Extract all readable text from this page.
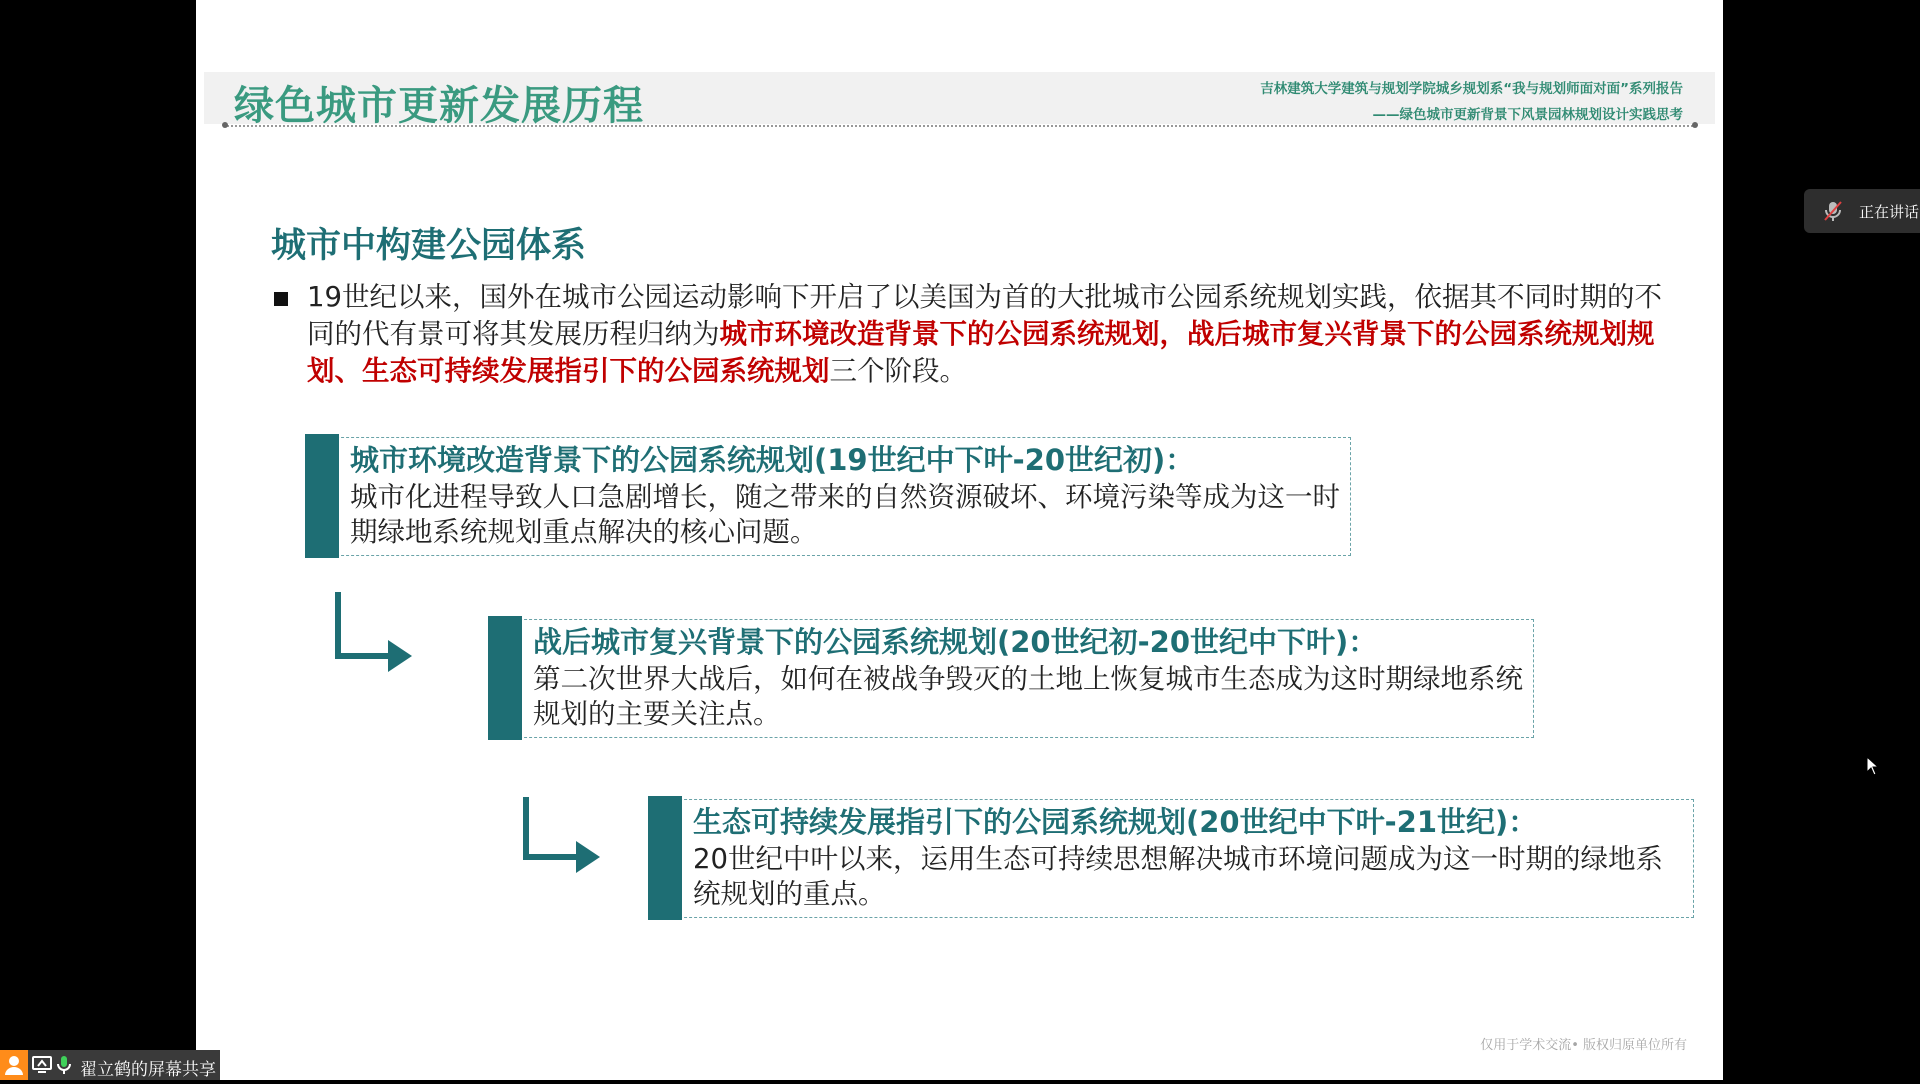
绿色城市更新发展历程	吉林建筑大学建筑与规划学院城乡规划系“我与规划师面对面”系列报告
——绿色城市更新背景下风景园林规划设计实践思考
城市中构建公园体系
19世纪以来，国外在城市公园运动影响下开启了以美国为首的大批城市公园系统规划实践，依据其不同时期的不同的代有景可将其发展历程归纳为城市环境改造背景下的公园系统规划，战后城市复兴背景下的公园系统规划规划、生态可持续发展指引下的公园系统规划三个阶段。
城市环境改造背景下的公园系统规划(19世纪中下叶-20世纪初)：
城市化进程导致人口急剧增长，随之带来的自然资源破坏、环境污染等成为这一时期绿地系统规划重点解决的核心问题。
战后城市复兴背景下的公园系统规划(20世纪初-20世纪中下叶)：
第二次世界大战后，如何在被战争毁灭的土地上恢复城市生态成为这时期绿地系统规划的主要关注点。
生态可持续发展指引下的公园系统规划(20世纪中下叶-21世纪)：
20世纪中叶以来，运用生态可持续思想解决城市环境问题成为这一时期的绿地系统规划的重点。
仅用于学术交流• 版权归原单位所有
正在讲话
翟立鹤的屏幕共享
